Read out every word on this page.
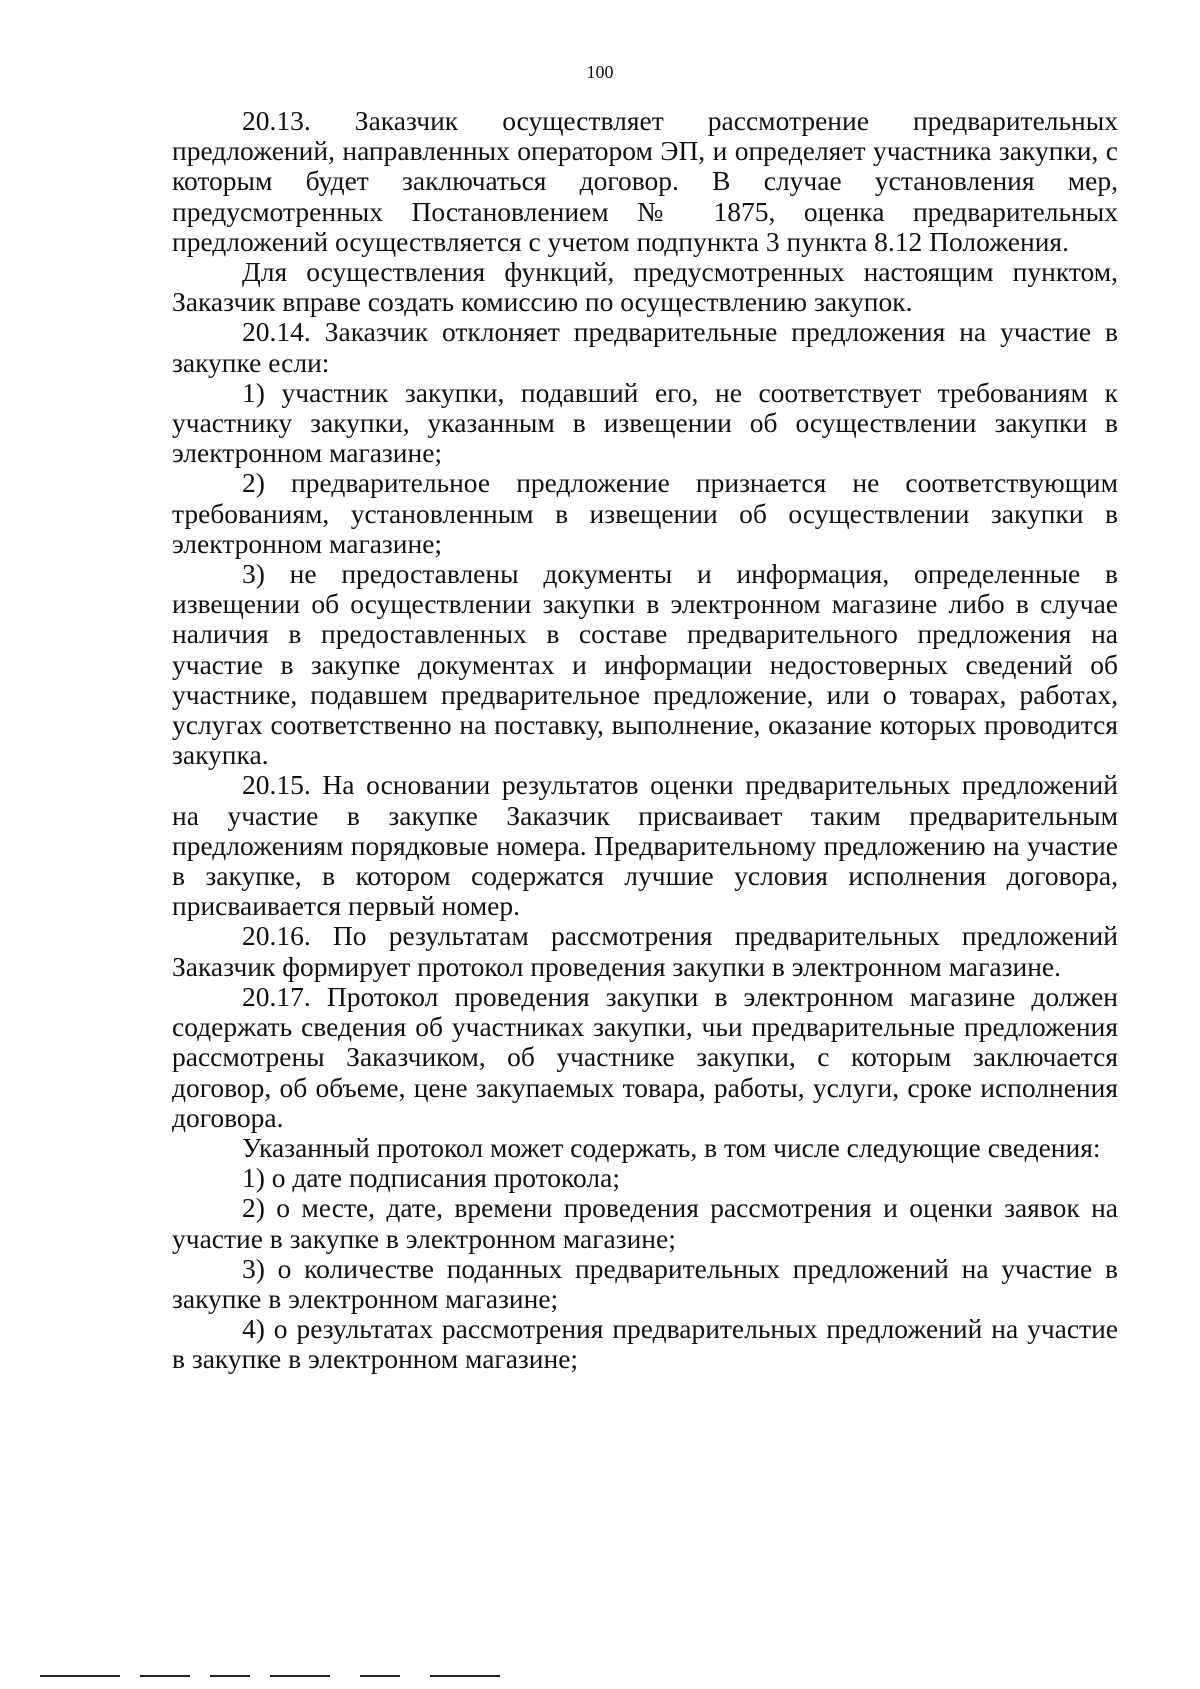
100

20.13. Заказчик осуществляет рассмотрение предварительных предложений, направленных оператором ЭП, и определяет участника закупки, с которым будет заключаться договор. В случае установления мер, предусмотренных Постановлением № 1875, оценка предварительных предложений осуществляется с учетом подпункта 3 пункта 8.12 Положения.

Для осуществления функций, предусмотренных настоящим пунктом, Заказчик вправе создать комиссию по осуществлению закупок.

20.14. Заказчик отклоняет предварительные предложения на участие в закупке если:

1) участник закупки, подавший его, не соответствует требованиям к участнику закупки, указанным в извещении об осуществлении закупки в электронном магазине;

2) предварительное предложение признается не соответствующим требованиям, установленным в извещении об осуществлении закупки в электронном магазине;

3) не предоставлены документы и информация, определенные в извещении об осуществлении закупки в электронном магазине либо в случае наличия в предоставленных в составе предварительного предложения на участие в закупке документах и информации недостоверных сведений об участнике, подавшем предварительное предложение, или о товарах, работах, услугах соответственно на поставку, выполнение, оказание которых проводится закупка.

20.15. На основании результатов оценки предварительных предложений на участие в закупке Заказчик присваивает таким предварительным предложениям порядковые номера. Предварительному предложению на участие в закупке, в котором содержатся лучшие условия исполнения договора, присваивается первый номер.

20.16. По результатам рассмотрения предварительных предложений Заказчик формирует протокол проведения закупки в электронном магазине.

20.17. Протокол проведения закупки в электронном магазине должен содержать сведения об участниках закупки, чьи предварительные предложения рассмотрены Заказчиком, об участнике закупки, с которым заключается договор, об объеме, цене закупаемых товара, работы, услуги, сроке исполнения договора.

Указанный протокол может содержать, в том числе следующие сведения:

1) о дате подписания протокола;

2) о месте, дате, времени проведения рассмотрения и оценки заявок на участие в закупке в электронном магазине;

3) о количестве поданных предварительных предложений на участие в закупке в электронном магазине;

4) о результатах рассмотрения предварительных предложений на участие в закупке в электронном магазине;
